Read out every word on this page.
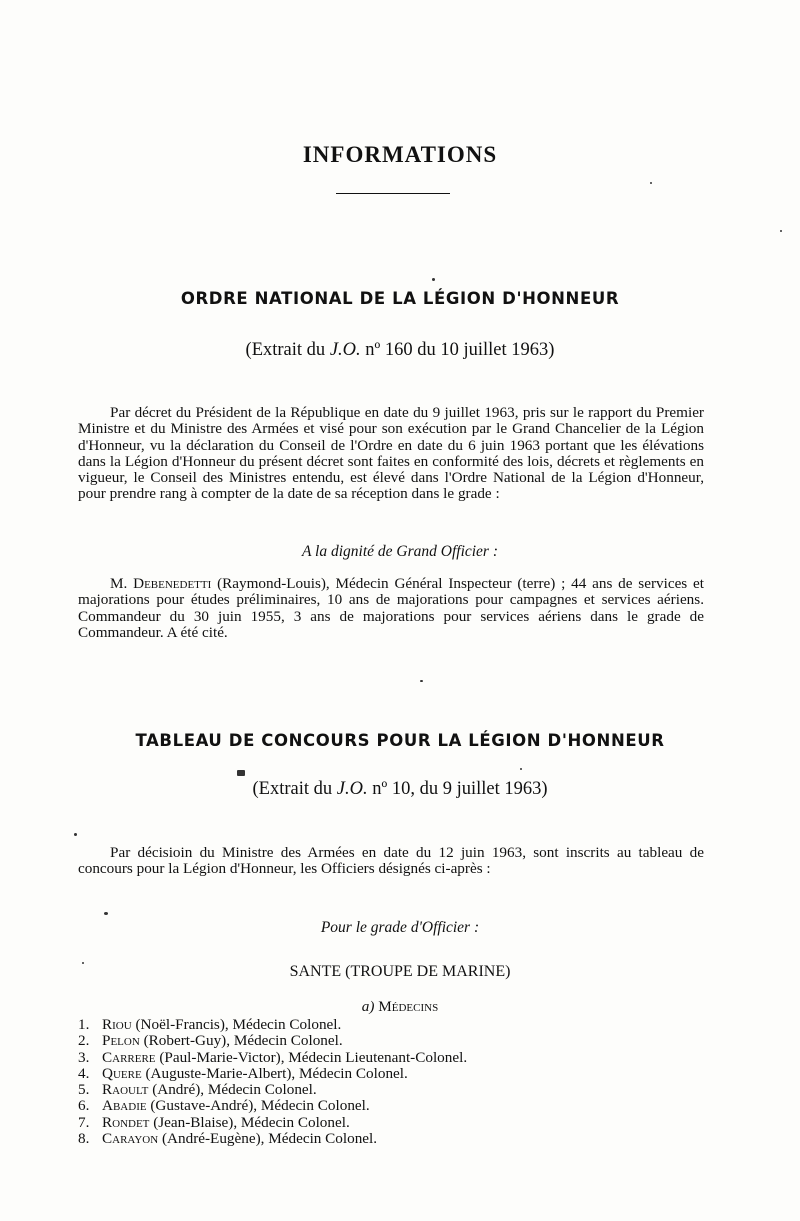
INFORMATIONS
ORDRE NATIONAL DE LA LÉGION D'HONNEUR
(Extrait du J.O. nº 160 du 10 juillet 1963)

Par décret du Président de la République en date du 9 juillet 1963, pris sur le rapport du Premier Ministre et du Ministre des Armées et visé pour son exécution par le Grand Chancelier de la Légion d'Honneur, vu la déclaration du Conseil de l'Ordre en date du 6 juin 1963 portant que les élévations dans la Légion d'Honneur du présent décret sont faites en conformité des lois, décrets et règlements en vigueur, le Conseil des Ministres entendu, est élevé dans l'Ordre National de la Légion d'Honneur, pour prendre rang à compter de la date de sa réception dans le grade :

A la dignité de Grand Officier :

M. Debenedetti (Raymond-Louis), Médecin Général Inspecteur (terre) ; 44 ans de services et majorations pour études préliminaires, 10 ans de majorations pour campagnes et services aériens. Commandeur du 30 juin 1955, 3 ans de majorations pour services aériens dans le grade de Commandeur. A été cité.

TABLEAU DE CONCOURS POUR LA LÉGION D'HONNEUR
(Extrait du J.O. nº 10, du 9 juillet 1963)

Par décisioin du Ministre des Armées en date du 12 juin 1963, sont inscrits au tableau de concours pour la Légion d'Honneur, les Officiers désignés ci-après :

Pour le grade d'Officier :
SANTE (TROUPE DE MARINE)
a) Médecins
1. Riou (Noël-Francis), Médecin Colonel.
2. Pelon (Robert-Guy), Médecin Colonel.
3. Carrere (Paul-Marie-Victor), Médecin Lieutenant-Colonel.
4. Quere (Auguste-Marie-Albert), Médecin Colonel.
5. Raoult (André), Médecin Colonel.
6. Abadie (Gustave-André), Médecin Colonel.
7. Rondet (Jean-Blaise), Médecin Colonel.
8. Carayon (André-Eugène), Médecin Colonel.
